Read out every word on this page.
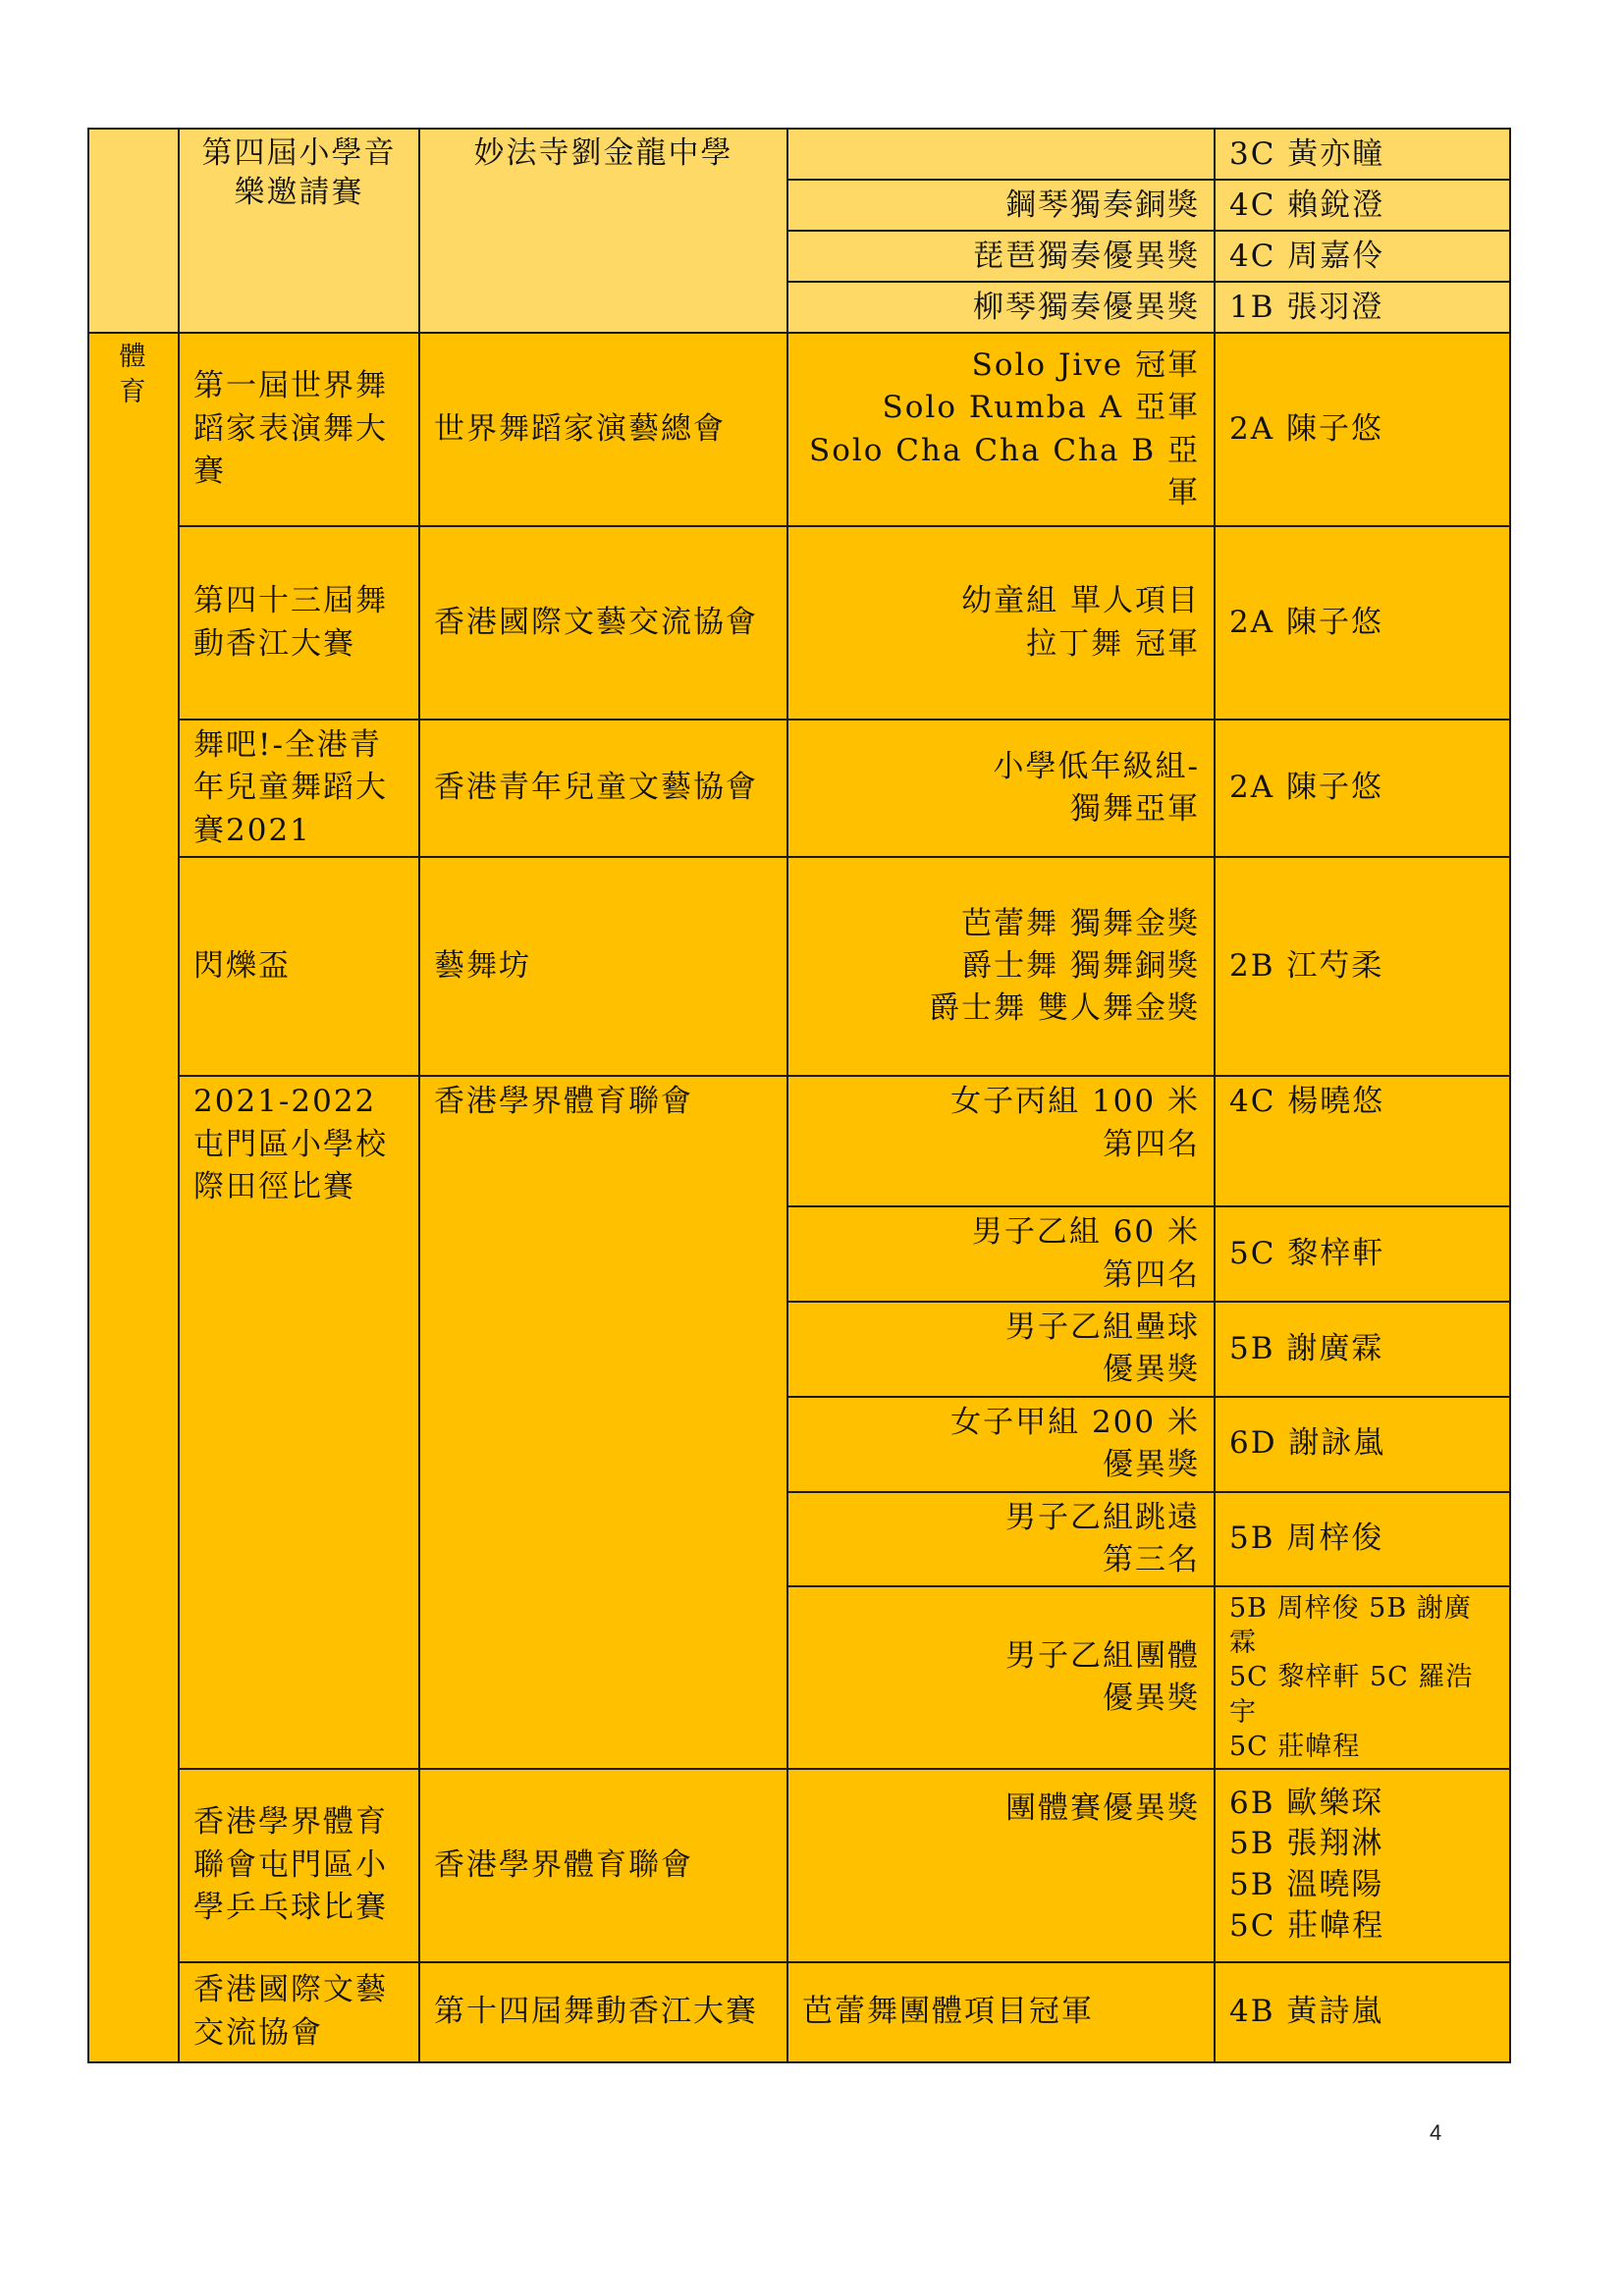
	第四屆小學音樂邀請賽	妙法寺劉金龍中學		3C 黃亦瞳
			鋼琴獨奏銅獎	4C 賴銳澄
			琵琶獨奏優異獎	4C 周嘉伶
			柳琴獨奏優異獎	1B 張羽澄
體育	第一屆世界舞蹈家表演舞大賽	世界舞蹈家演藝總會	Solo Jive 冠軍
Solo Rumba A 亞軍
Solo Cha Cha Cha B 亞軍	2A 陳子悠
	第四十三屆舞動香江大賽	香港國際文藝交流協會	幼童組 單人項目
拉丁舞 冠軍	2A 陳子悠
	舞吧!-全港青年兒童舞蹈大賽2021	香港青年兒童文藝協會	小學低年級組-
獨舞亞軍	2A 陳子悠
	閃爍盃	藝舞坊	芭蕾舞 獨舞金獎
爵士舞 獨舞銅獎
爵士舞 雙人舞金獎	2B 江芍柔
	2021-2022 屯門區小學校際田徑比賽	香港學界體育聯會	女子丙組 100 米
第四名	4C 楊曉悠

			男子乙組 60 米
第四名	5C 黎梓軒

			男子乙組壘球
優異獎	5B 謝廣霖

			女子甲組 200 米
優異獎	6D 謝詠嵐

			男子乙組跳遠
第三名	5B 周梓俊

			男子乙組團體
優異獎	5B 周梓俊 5B 謝廣霖
5C 黎梓軒 5C 羅浩宇
5C 莊幃程

	香港學界體育聯會屯門區小學乒乓球比賽	香港學界體育聯會	團體賽優異獎	6B 歐樂琛
5B 張翔淋
5B 溫曉陽
5C 莊幃程

	香港國際文藝交流協會	第十四屆舞動香江大賽	芭蕾舞團體項目冠軍	4B 黃詩嵐
4
